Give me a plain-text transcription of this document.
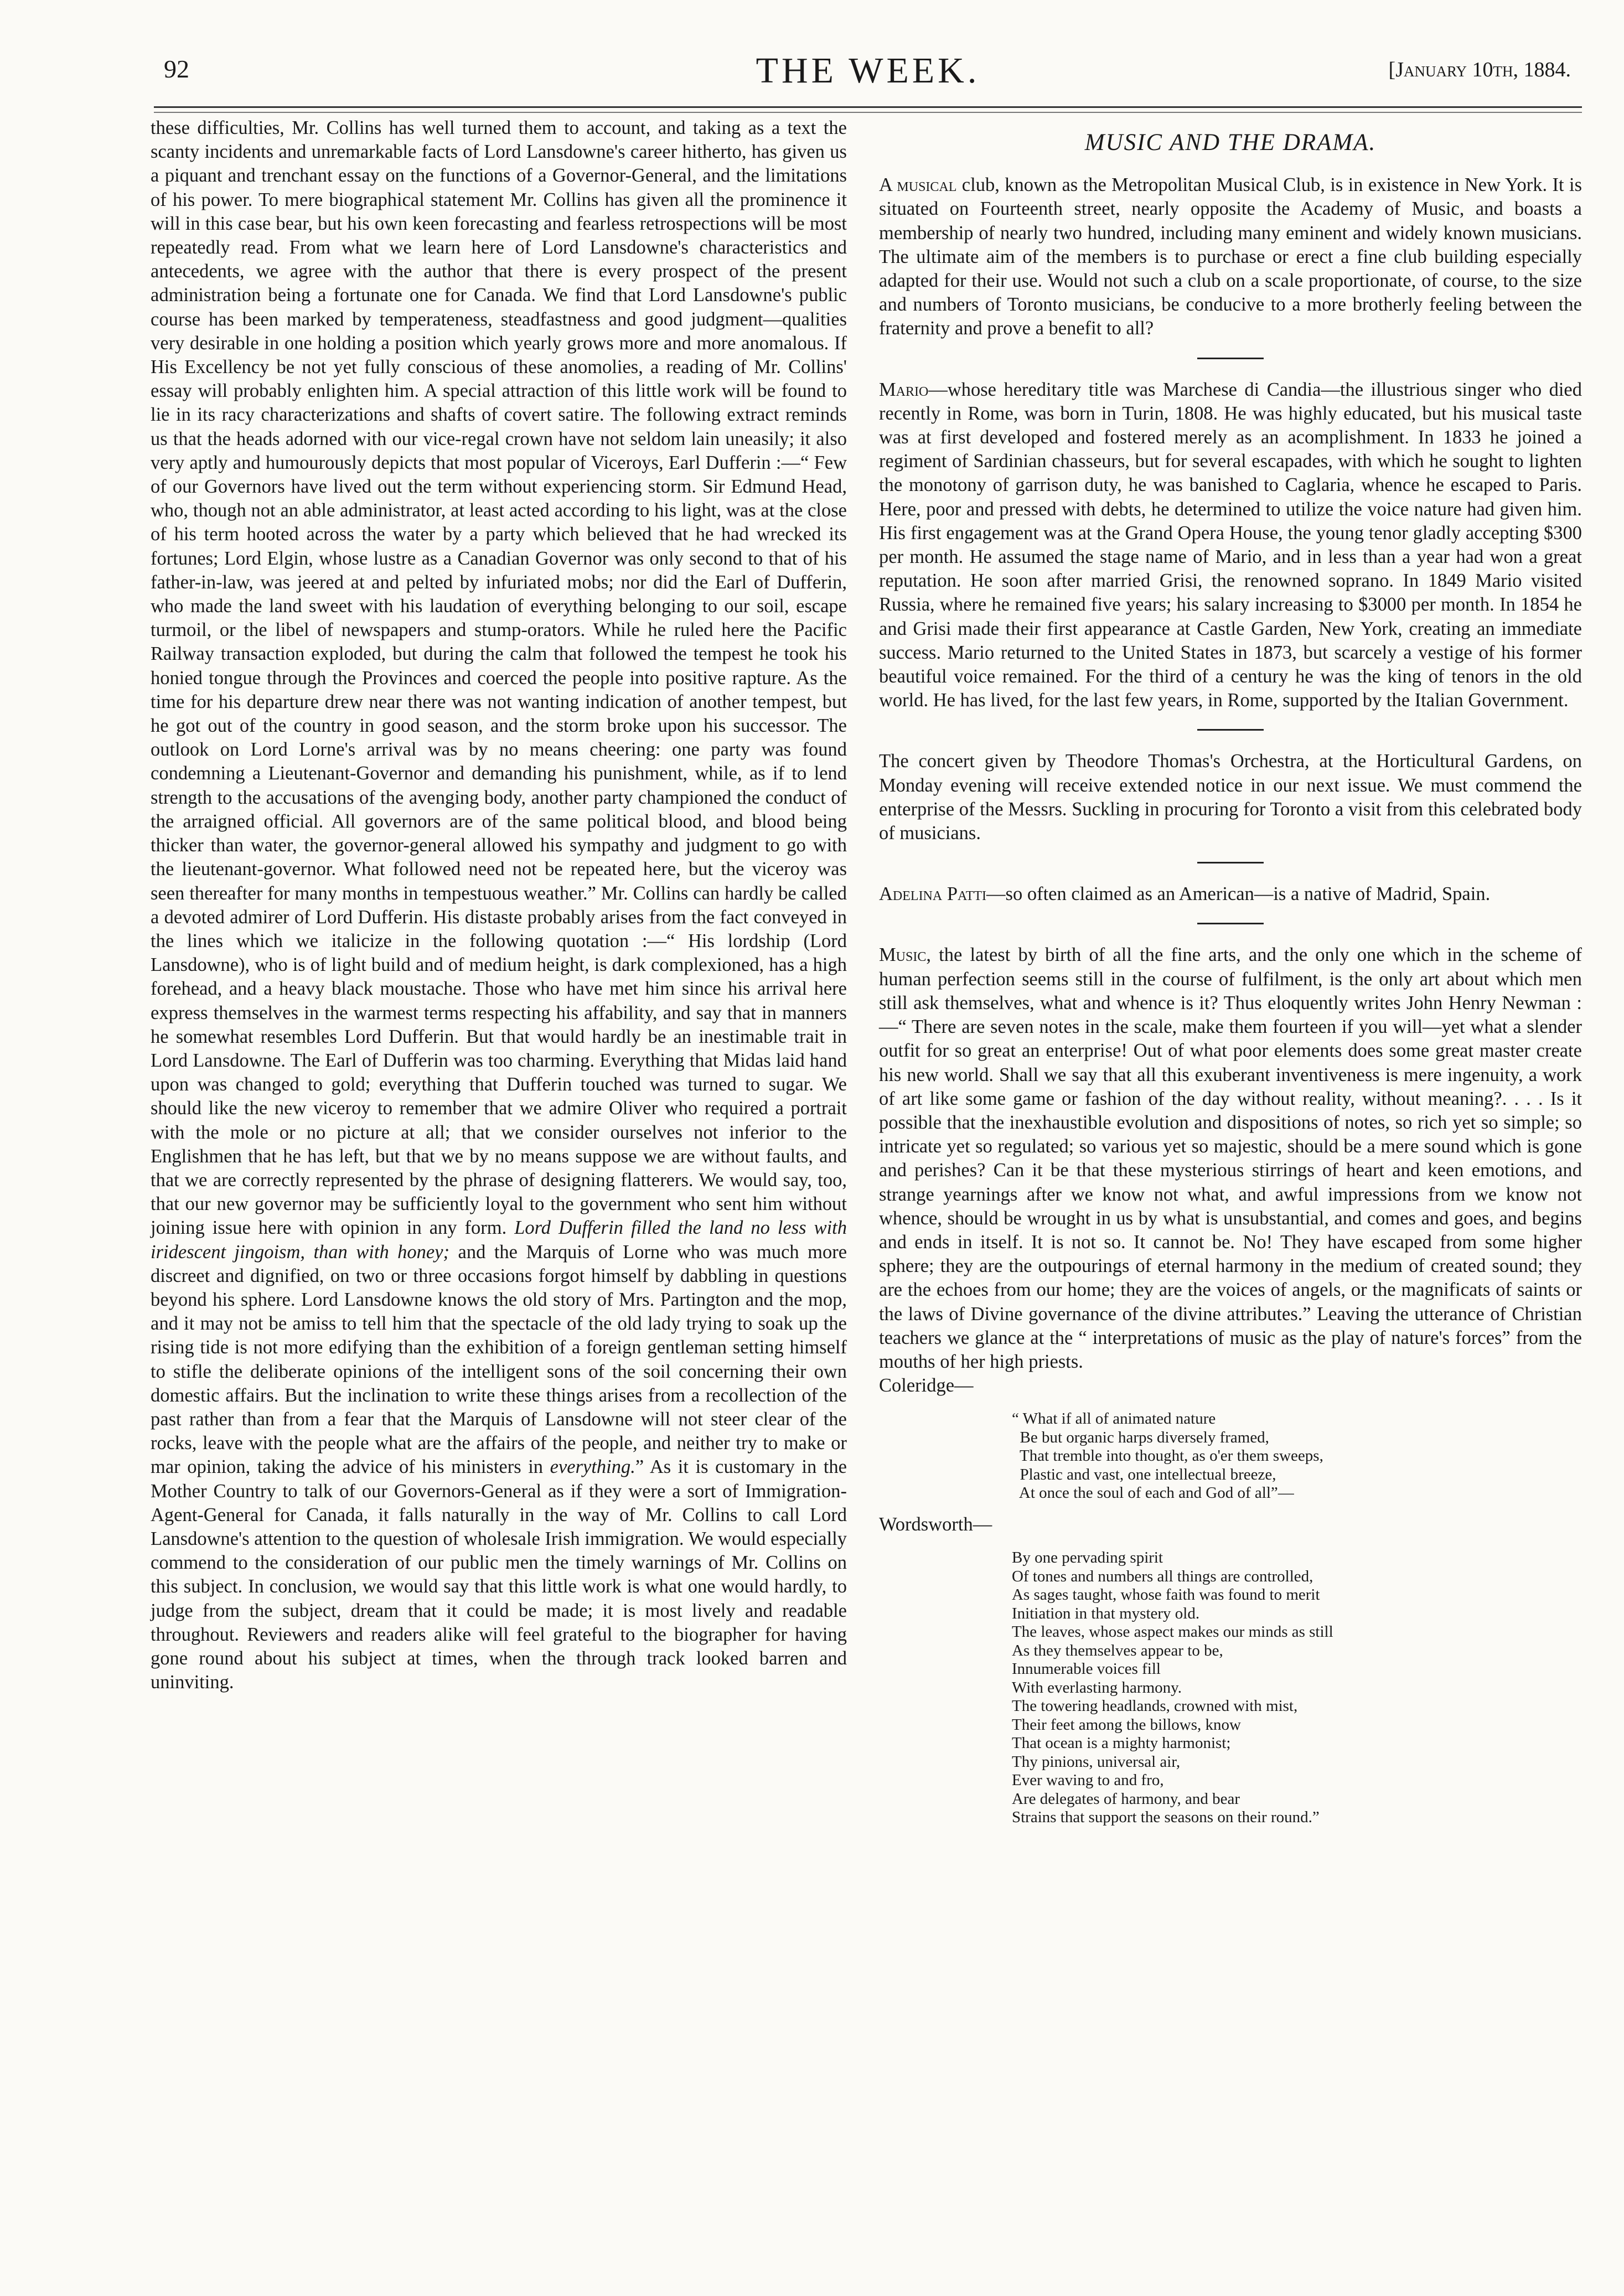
92	THE WEEK.	[January 10th, 1884.

these difficulties, Mr. Collins has well turned them to account, and taking as a text the scanty incidents and unremarkable facts of Lord Lansdowne's career hitherto, has given us a piquant and trenchant essay on the functions of a Governor-General, and the limitations of his power. To mere biographical statement Mr. Collins has given all the prominence it will in this case bear, but his own keen forecasting and fearless retrospections will be most repeatedly read. From what we learn here of Lord Lansdowne's characteristics and antecedents, we agree with the author that there is every prospect of the present administration being a fortunate one for Canada. We find that Lord Lansdowne's public course has been marked by temperateness, steadfastness and good judgment—qualities very desirable in one holding a position which yearly grows more and more anomalous. If His Excellency be not yet fully conscious of these anomolies, a reading of Mr. Collins' essay will probably enlighten him. A special attraction of this little work will be found to lie in its racy characterizations and shafts of covert satire. The following extract reminds us that the heads adorned with our vice-regal crown have not seldom lain uneasily; it also very aptly and humourously depicts that most popular of Viceroys, Earl Dufferin :—“ Few of our Governors have lived out the term without experiencing storm. Sir Edmund Head, who, though not an able administrator, at least acted according to his light, was at the close of his term hooted across the water by a party which believed that he had wrecked its fortunes; Lord Elgin, whose lustre as a Canadian Governor was only second to that of his father-in-law, was jeered at and pelted by infuriated mobs; nor did the Earl of Dufferin, who made the land sweet with his laudation of everything belonging to our soil, escape turmoil, or the libel of newspapers and stump-orators. While he ruled here the Pacific Railway transaction exploded, but during the calm that followed the tempest he took his honied tongue through the Provinces and coerced the people into positive rapture. As the time for his departure drew near there was not wanting indication of another tempest, but he got out of the country in good season, and the storm broke upon his successor. The outlook on Lord Lorne's arrival was by no means cheering: one party was found condemning a Lieutenant-Governor and demanding his punishment, while, as if to lend strength to the accusations of the avenging body, another party championed the conduct of the arraigned official. All governors are of the same political blood, and blood being thicker than water, the governor-general allowed his sympathy and judgment to go with the lieutenant-governor. What followed need not be repeated here, but the viceroy was seen thereafter for many months in tempestuous weather.” Mr. Collins can hardly be called a devoted admirer of Lord Dufferin. His distaste probably arises from the fact conveyed in the lines which we italicize in the following quotation :—“ His lordship (Lord Lansdowne), who is of light build and of medium height, is dark complexioned, has a high forehead, and a heavy black moustache. Those who have met him since his arrival here express themselves in the warmest terms respecting his affability, and say that in manners he somewhat resembles Lord Dufferin. But that would hardly be an inestimable trait in Lord Lansdowne. The Earl of Dufferin was too charming. Everything that Midas laid hand upon was changed to gold; everything that Dufferin touched was turned to sugar. We should like the new viceroy to remember that we admire Oliver who required a portrait with the mole or no picture at all; that we consider ourselves not inferior to the Englishmen that he has left, but that we by no means suppose we are without faults, and that we are correctly represented by the phrase of designing flatterers. We would say, too, that our new governor may be sufficiently loyal to the government who sent him without joining issue here with opinion in any form. Lord Dufferin filled the land no less with iridescent jingoism, than with honey; and the Marquis of Lorne who was much more discreet and dignified, on two or three occasions forgot himself by dabbling in questions beyond his sphere. Lord Lansdowne knows the old story of Mrs. Partington and the mop, and it may not be amiss to tell him that the spectacle of the old lady trying to soak up the rising tide is not more edifying than the exhibition of a foreign gentleman setting himself to stifle the deliberate opinions of the intelligent sons of the soil concerning their own domestic affairs. But the inclination to write these things arises from a recollection of the past rather than from a fear that the Marquis of Lansdowne will not steer clear of the rocks, leave with the people what are the affairs of the people, and neither try to make or mar opinion, taking the advice of his ministers in everything.” As it is customary in the Mother Country to talk of our Governors-General as if they were a sort of Immigration-Agent-General for Canada, it falls naturally in the way of Mr. Collins to call Lord Lansdowne's attention to the question of wholesale Irish immigration. We would especially commend to the consideration of our public men the timely warnings of Mr. Collins on this subject. In conclusion, we would say that this little work is what one would hardly, to judge from the subject, dream that it could be made; it is most lively and readable throughout. Reviewers and readers alike will feel grateful to the biographer for having gone round about his subject at times, when the through track looked barren and uninviting.

MUSIC AND THE DRAMA.

A musical club, known as the Metropolitan Musical Club, is in existence in New York. It is situated on Fourteenth street, nearly opposite the Academy of Music, and boasts a membership of nearly two hundred, including many eminent and widely known musicians. The ultimate aim of the members is to purchase or erect a fine club building especially adapted for their use. Would not such a club on a scale proportionate, of course, to the size and numbers of Toronto musicians, be conducive to a more brotherly feeling between the fraternity and prove a benefit to all?

Mario—whose hereditary title was Marchese di Candia—the illustrious singer who died recently in Rome, was born in Turin, 1808. He was highly educated, but his musical taste was at first developed and fostered merely as an acomplishment. In 1833 he joined a regiment of Sardinian chasseurs, but for several escapades, with which he sought to lighten the monotony of garrison duty, he was banished to Caglaria, whence he escaped to Paris. Here, poor and pressed with debts, he determined to utilize the voice nature had given him. His first engagement was at the Grand Opera House, the young tenor gladly accepting $300 per month. He assumed the stage name of Mario, and in less than a year had won a great reputation. He soon after married Grisi, the renowned soprano. In 1849 Mario visited Russia, where he remained five years; his salary increasing to $3000 per month. In 1854 he and Grisi made their first appearance at Castle Garden, New York, creating an immediate success. Mario returned to the United States in 1873, but scarcely a vestige of his former beautiful voice remained. For the third of a century he was the king of tenors in the old world. He has lived, for the last few years, in Rome, supported by the Italian Government.

The concert given by Theodore Thomas's Orchestra, at the Horticultural Gardens, on Monday evening will receive extended notice in our next issue. We must commend the enterprise of the Messrs. Suckling in procuring for Toronto a visit from this celebrated body of musicians.

Adelina Patti—so often claimed as an American—is a native of Madrid, Spain.

Music, the latest by birth of all the fine arts, and the only one which in the scheme of human perfection seems still in the course of fulfilment, is the only art about which men still ask themselves, what and whence is it? Thus eloquently writes John Henry Newman :—“ There are seven notes in the scale, make them fourteen if you will—yet what a slender outfit for so great an enterprise! Out of what poor elements does some great master create his new world. Shall we say that all this exuberant inventiveness is mere ingenuity, a work of art like some game or fashion of the day without reality, without meaning?. . . . Is it possible that the inexhaustible evolution and dispositions of notes, so rich yet so simple; so intricate yet so regulated; so various yet so majestic, should be a mere sound which is gone and perishes? Can it be that these mysterious stirrings of heart and keen emotions, and strange yearnings after we know not what, and awful impressions from we know not whence, should be wrought in us by what is unsubstantial, and comes and goes, and begins and ends in itself. It is not so. It cannot be. No! They have escaped from some higher sphere; they are the outpourings of eternal harmony in the medium of created sound; they are the echoes from our home; they are the voices of angels, or the magnificats of saints or the laws of Divine governance of the divine attributes.” Leaving the utterance of Christian teachers we glance at the “ interpretations of music as the play of nature's forces” from the mouths of her high priests.

Coleridge—

“ What if all of animated nature
Be but organic harps diversely framed,
That tremble into thought, as o'er them sweeps,
Plastic and vast, one intellectual breeze,
At once the soul of each and God of all”—

Wordsworth—

By one pervading spirit
Of tones and numbers all things are controlled,
As sages taught, whose faith was found to merit
Initiation in that mystery old.
The leaves, whose aspect makes our minds as still
As they themselves appear to be,
Innumerable voices fill
With everlasting harmony.
The towering headlands, crowned with mist,
Their feet among the billows, know
That ocean is a mighty harmonist;
Thy pinions, universal air,
Ever waving to and fro,
Are delegates of harmony, and bear
Strains that support the seasons on their round.”
